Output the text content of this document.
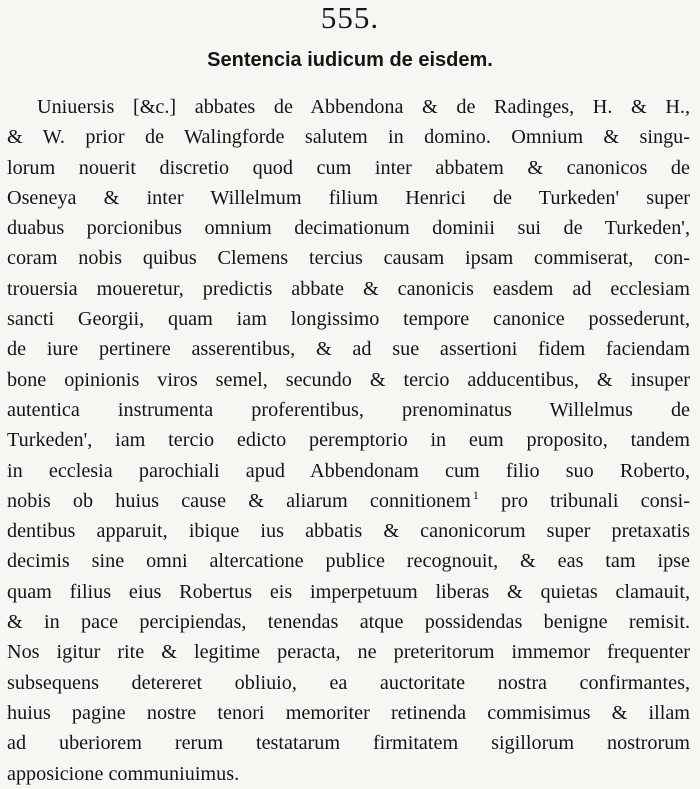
555.
Sentencia iudicum de eisdem.
Uniuersis [&c.] abbates de Abbendona & de Radinges, H. & H.,
& W. prior de Walingforde salutem in domino. Omnium & singu-
lorum nouerit discretio quod cum inter abbatem & canonicos de
Oseneya & inter Willelmum filium Henrici de Turkeden' super
duabus porcionibus omnium decimationum dominii sui de Turkeden',
coram nobis quibus Clemens tercius causam ipsam commiserat, con-
trouersia moueretur, predictis abbate & canonicis easdem ad ecclesiam
sancti Georgii, quam iam longissimo tempore canonice possederunt,
de iure pertinere asserentibus, & ad sue assertioni fidem faciendam
bone opinionis viros semel, secundo & tercio adducentibus, & insuper
autentica instrumenta proferentibus, prenominatus Willelmus de
Turkeden', iam tercio edicto peremptorio in eum proposito, tandem
in ecclesia parochiali apud Abbendonam cum filio suo Roberto,
nobis ob huius cause & aliarum connitionem $^1$ pro tribunali consi-
dentibus apparuit, ibique ius abbatis & canonicorum super pretaxatis
decimis sine omni altercatione publice recognouit, & eas tam ipse
quam filius eius Robertus eis imperpetuum liberas & quietas clamauit,
& in pace percipiendas, tenendas atque possidendas benigne remisit.
Nos igitur rite & legitime peracta, ne preteritorum immemor frequenter
subsequens detereret obliuio, ea auctoritate nostra confirmantes,
huius pagine nostre tenori memoriter retinenda commisimus & illam
ad uberiorem rerum testatarum firmitatem sigillorum nostrorum
apposicione communiuimus.
